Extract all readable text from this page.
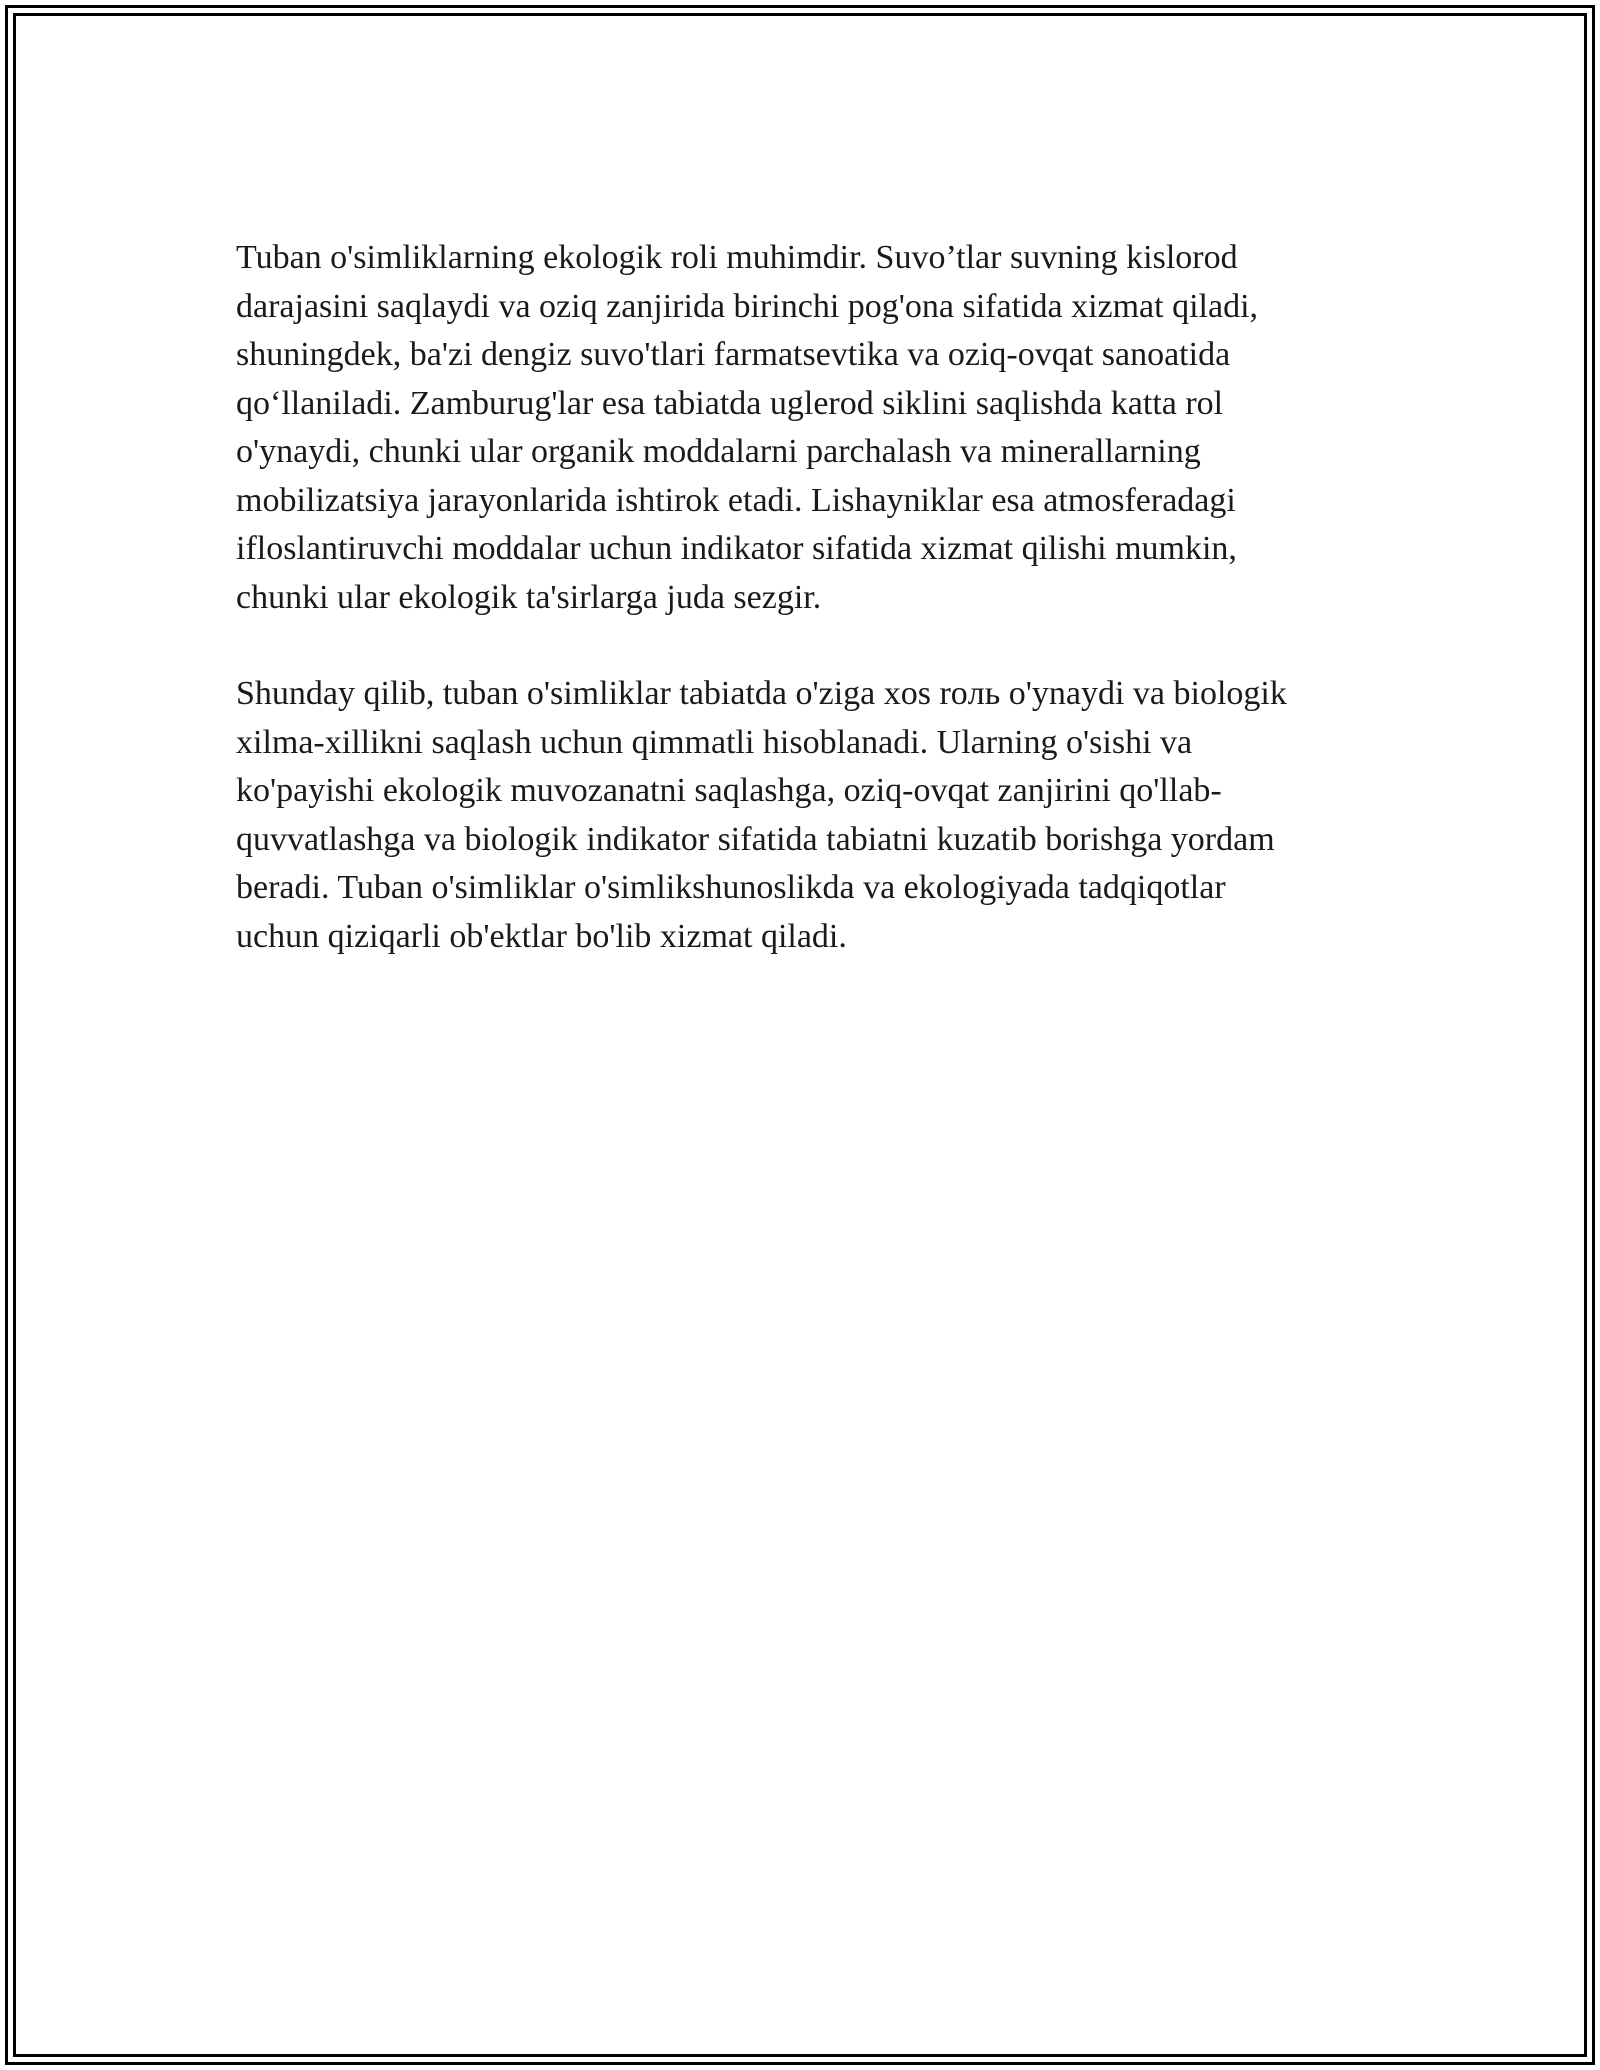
Tuban o'simliklarning ekologik roli muhimdir. Suvo’tlar suvning kislorod
darajasini saqlaydi va oziq zanjirida birinchi pog'ona sifatida xizmat qiladi,
shuningdek, ba'zi dengiz suvo'tlari farmatsevtika va oziq-ovqat sanoatida
qo‘llaniladi. Zamburug'lar esa tabiatda uglerod siklini saqlishda katta rol
o'ynaydi, chunki ular organik moddalarni parchalash va minerallarning
mobilizatsiya jarayonlarida ishtirok etadi. Lishayniklar esa atmosferadagi
ifloslantiruvchi moddalar uchun indikator sifatida xizmat qilishi mumkin,
chunki ular ekologik ta'sirlarga juda sezgir.

Shunday qilib, tuban o'simliklar tabiatda o'ziga xos roль o'ynaydi va biologik
xilma-xillikni saqlash uchun qimmatli hisoblanadi. Ularning o'sishi va
ko'payishi ekologik muvozanatni saqlashga, oziq-ovqat zanjirini qo'llab-
quvvatlashga va biologik indikator sifatida tabiatni kuzatib borishga yordam
beradi. Tuban o'simliklar o'simlikshunoslikda va ekologiyada tadqiqotlar
uchun qiziqarli ob'ektlar bo'lib xizmat qiladi.
